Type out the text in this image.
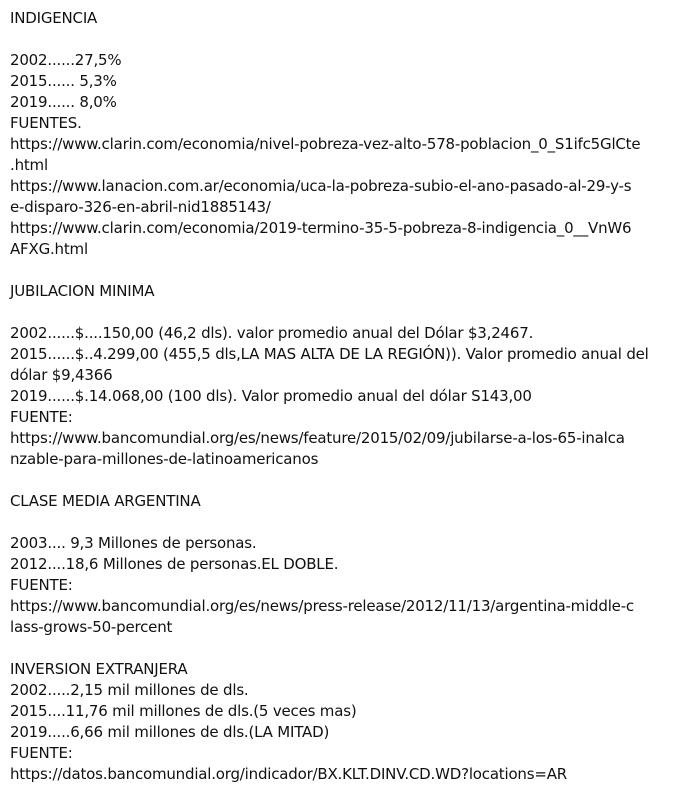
INDIGENCIA
2002......27,5%
2015...... 5,3%
2019...... 8,0%
FUENTES.
https://www.clarin.com/economia/nivel-pobreza-vez-alto-578-poblacion_0_S1ifc5GlCte
.html
https://www.lanacion.com.ar/economia/uca-la-pobreza-subio-el-ano-pasado-al-29-y-s
e-disparo-326-en-abril-nid1885143/
https://www.clarin.com/economia/2019-termino-35-5-pobreza-8-indigencia_0__VnW6
AFXG.html
JUBILACION MINIMA
2002......$....150,00 (46,2 dls). valor promedio anual del Dólar $3,2467.
2015......$..4.299,00 (455,5 dls,LA MAS ALTA DE LA REGIÓN)). Valor promedio anual del
dólar $9,4366
2019......$.14.068,00 (100 dls). Valor promedio anual del dólar S143,00
FUENTE:
https://www.bancomundial.org/es/news/feature/2015/02/09/jubilarse-a-los-65-inalca
nzable-para-millones-de-latinoamericanos
CLASE MEDIA ARGENTINA
2003.... 9,3 Millones de personas.
2012....18,6 Millones de personas.EL DOBLE.
FUENTE:
https://www.bancomundial.org/es/news/press-release/2012/11/13/argentina-middle-c
lass-grows-50-percent
INVERSION EXTRANJERA
2002.....2,15 mil millones de dls.
2015....11,76 mil millones de dls.(5 veces mas)
2019.....6,66 mil millones de dls.(LA MITAD)
FUENTE:
https://datos.bancomundial.org/indicador/BX.KLT.DINV.CD.WD?locations=AR
